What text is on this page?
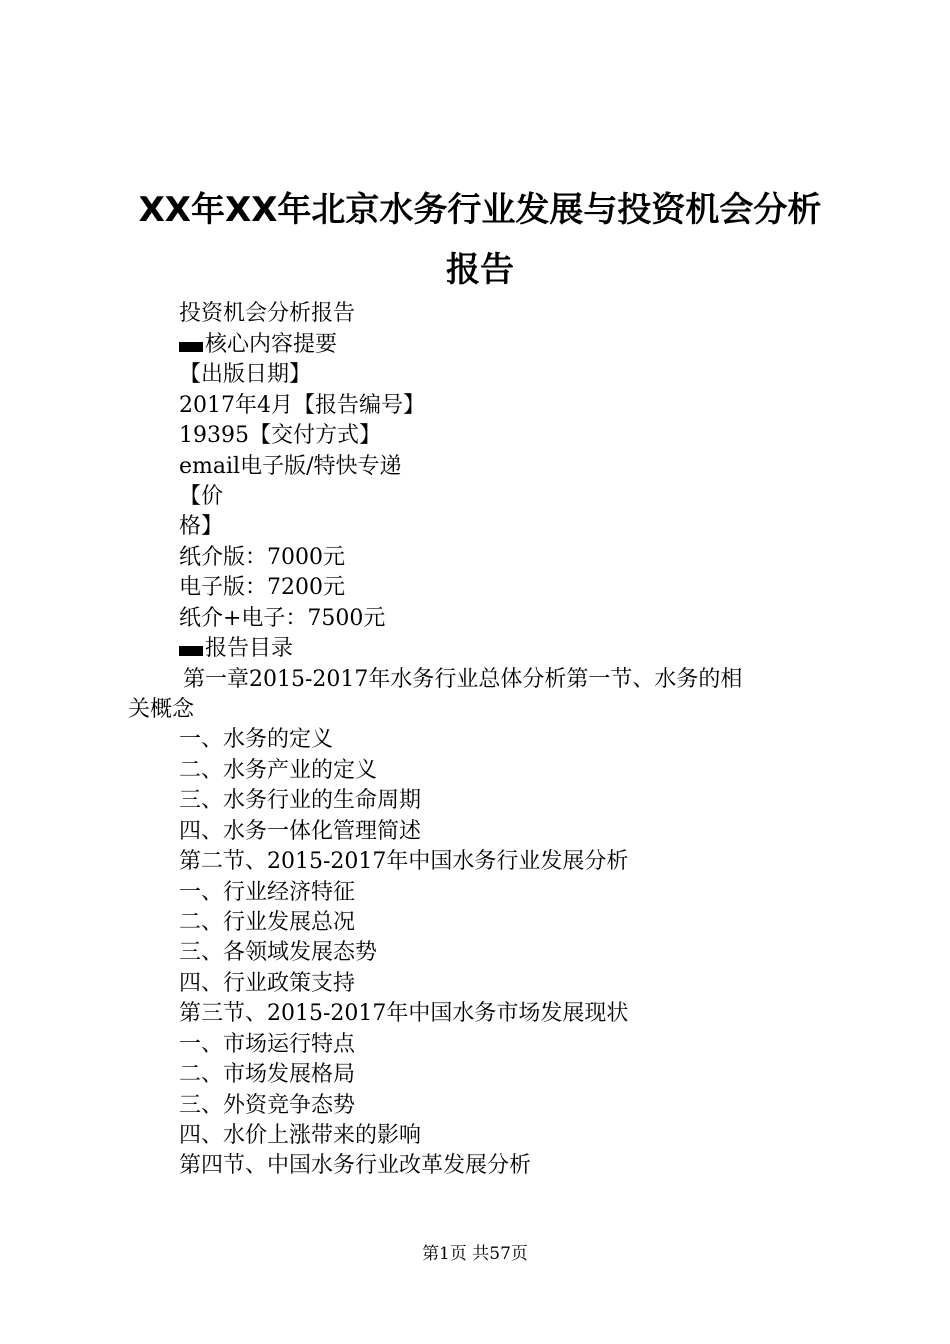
XX年XX年北京水务行业发展与投资机会分析
报告
投资机会分析报告
核心内容提要
【出版日期】
2017年4月【报告编号】
19395【交付方式】
email电子版/特快专递
【价
格】
纸介版：7000元
电子版：7200元
纸介+电子：7500元
报告目录
第一章2015-2017年水务行业总体分析第一节、水务的相
关概念
一、水务的定义
二、水务产业的定义
三、水务行业的生命周期
四、水务一体化管理简述
第二节、2015-2017年中国水务行业发展分析
一、行业经济特征
二、行业发展总况
三、各领域发展态势
四、行业政策支持
第三节、2015-2017年中国水务市场发展现状
一、市场运行特点
二、市场发展格局
三、外资竞争态势
四、水价上涨带来的影响
第四节、中国水务行业改革发展分析
第1页 共57页
